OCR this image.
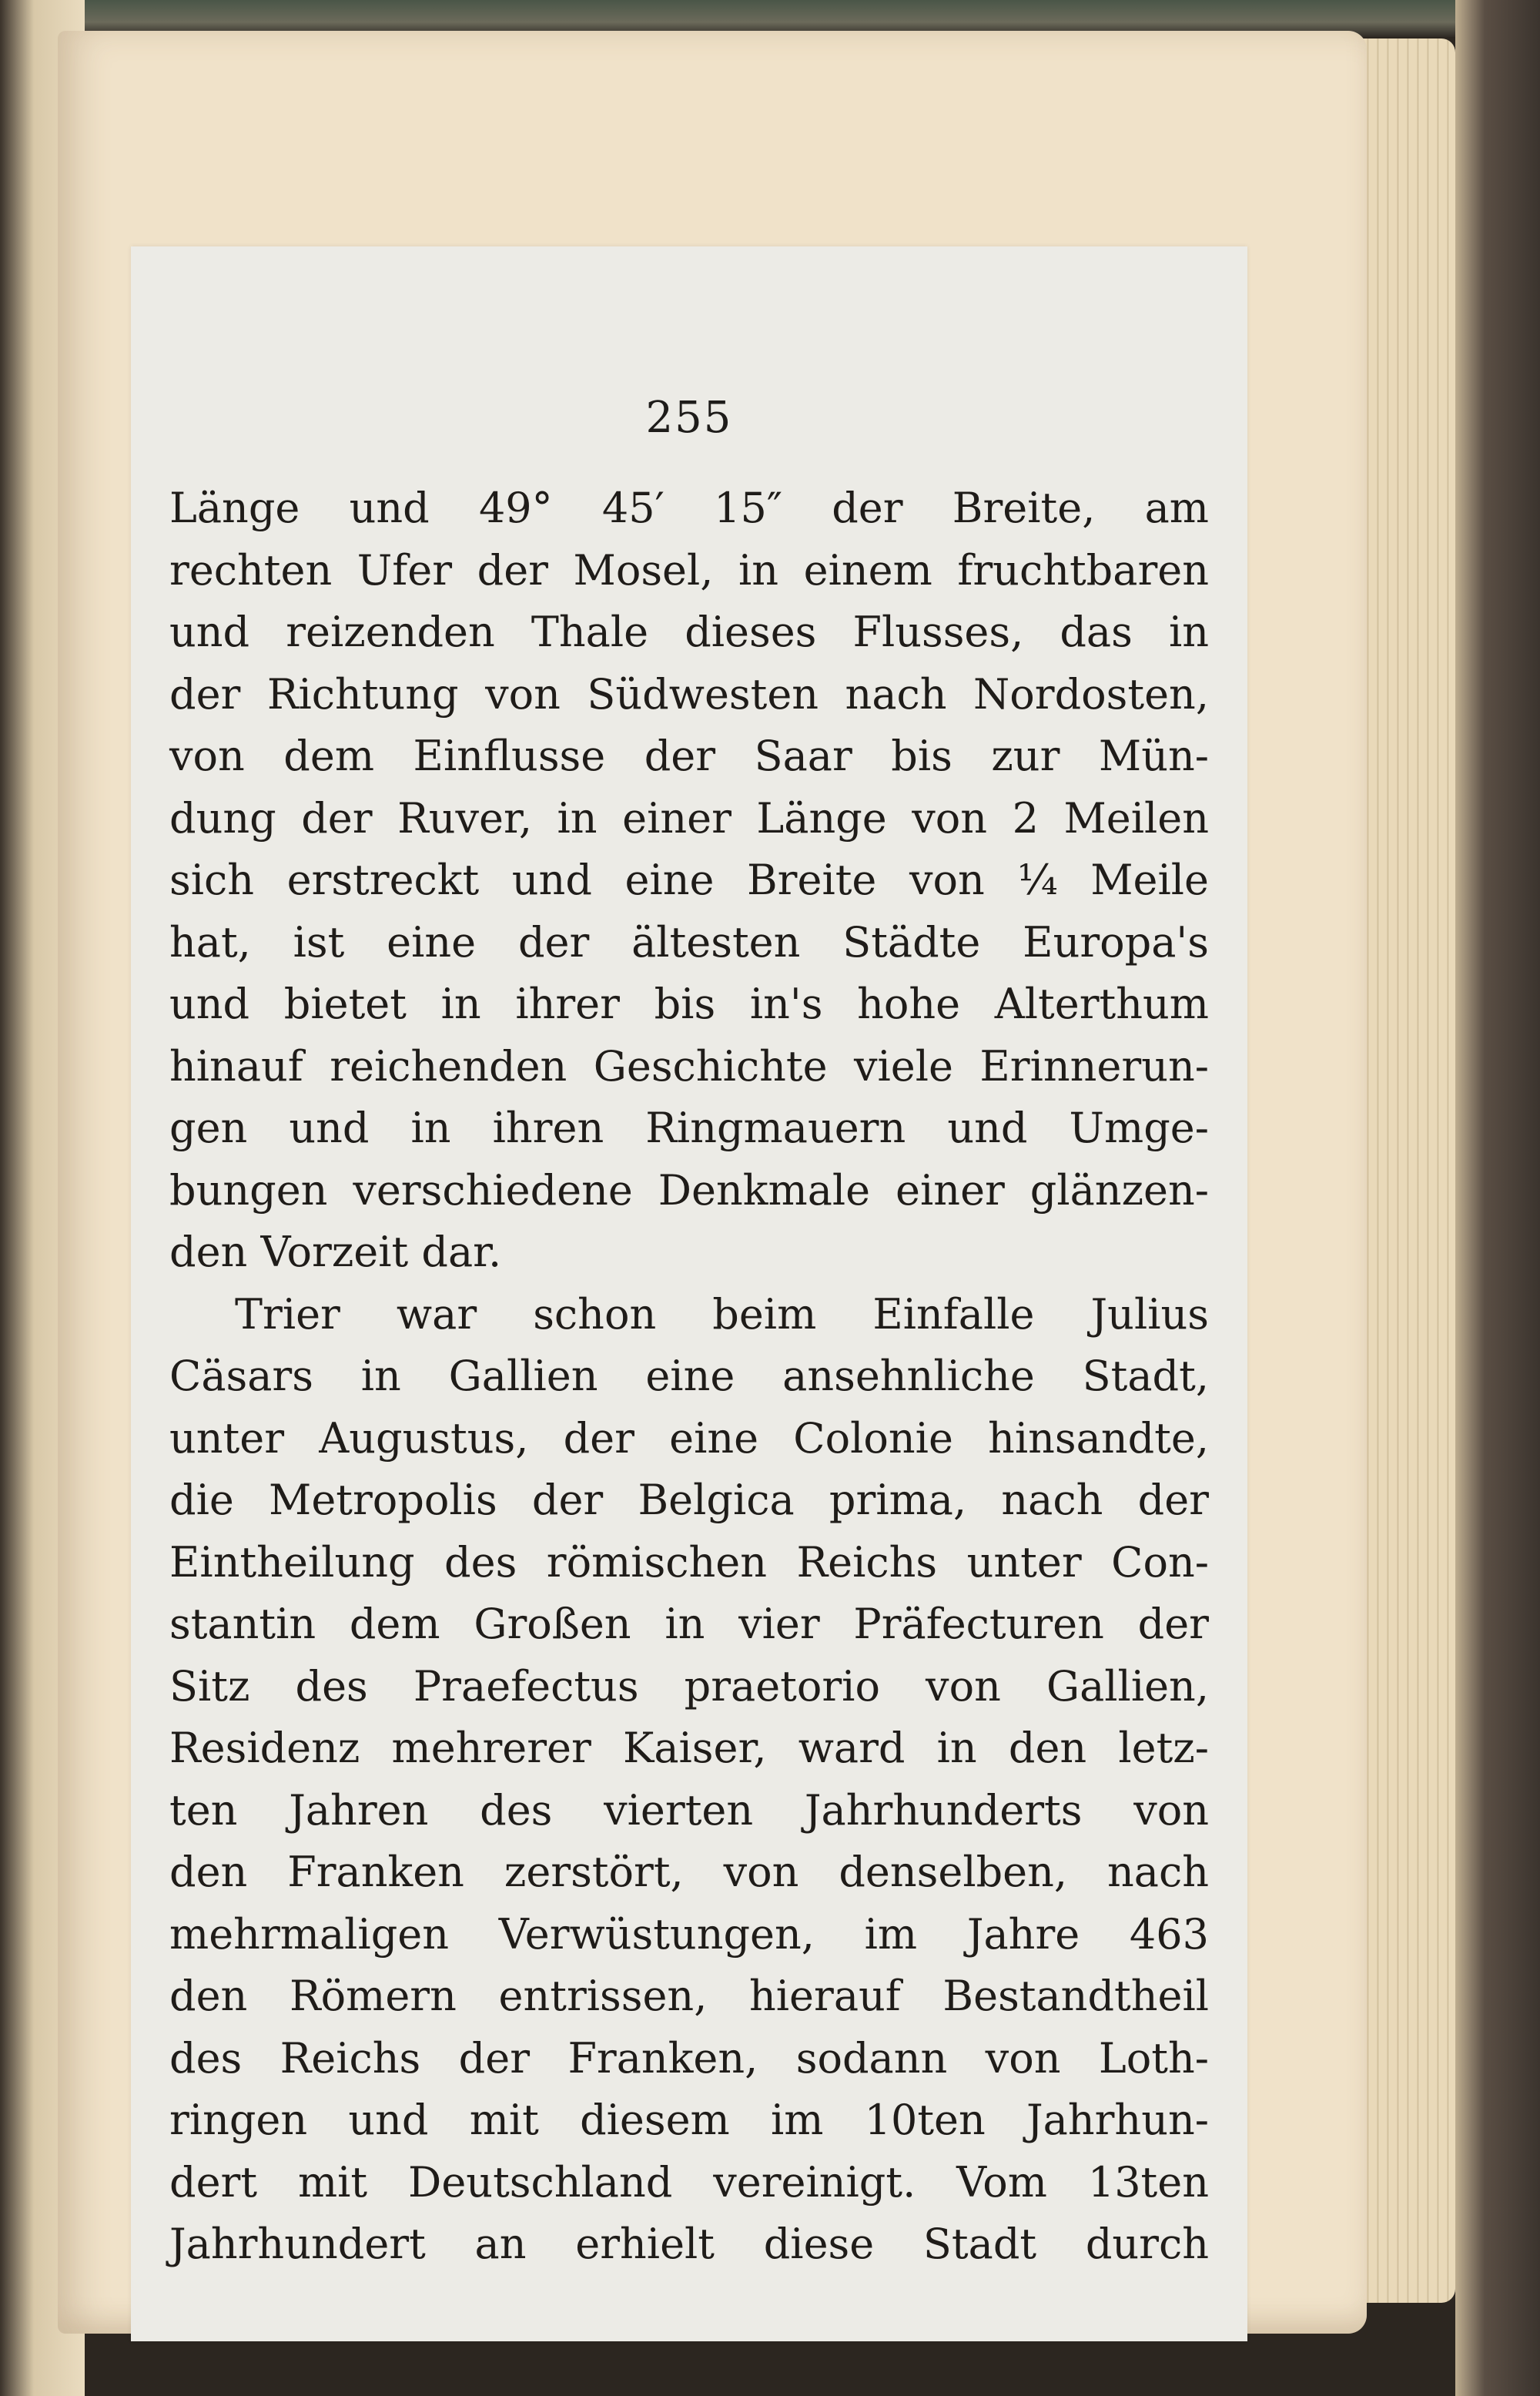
255
Länge und 49° 45′ 15″ der Breite, am
rechten Ufer der Mosel, in einem fruchtbaren
und reizenden Thale dieses Flusses, das in
der Richtung von Südwesten nach Nordosten,
von dem Einflusse der Saar bis zur Mün-
dung der Ruver, in einer Länge von 2 Meilen
sich erstreckt und eine Breite von ¼ Meile
hat, ist eine der ältesten Städte Europa's
und bietet in ihrer bis in's hohe Alterthum
hinauf reichenden Geschichte viele Erinnerun-
gen und in ihren Ringmauern und Umge-
bungen verschiedene Denkmale einer glänzen-
den Vorzeit dar.
Trier war schon beim Einfalle Julius
Cäsars in Gallien eine ansehnliche Stadt,
unter Augustus, der eine Colonie hinsandte,
die Metropolis der Belgica prima, nach der
Eintheilung des römischen Reichs unter Con-
stantin dem Großen in vier Präfecturen der
Sitz des Praefectus praetorio von Gallien,
Residenz mehrerer Kaiser, ward in den letz-
ten Jahren des vierten Jahrhunderts von
den Franken zerstört, von denselben, nach
mehrmaligen Verwüstungen, im Jahre 463
den Römern entrissen, hierauf Bestandtheil
des Reichs der Franken, sodann von Loth-
ringen und mit diesem im 10ten Jahrhun-
dert mit Deutschland vereinigt. Vom 13ten
Jahrhundert an erhielt diese Stadt durch
